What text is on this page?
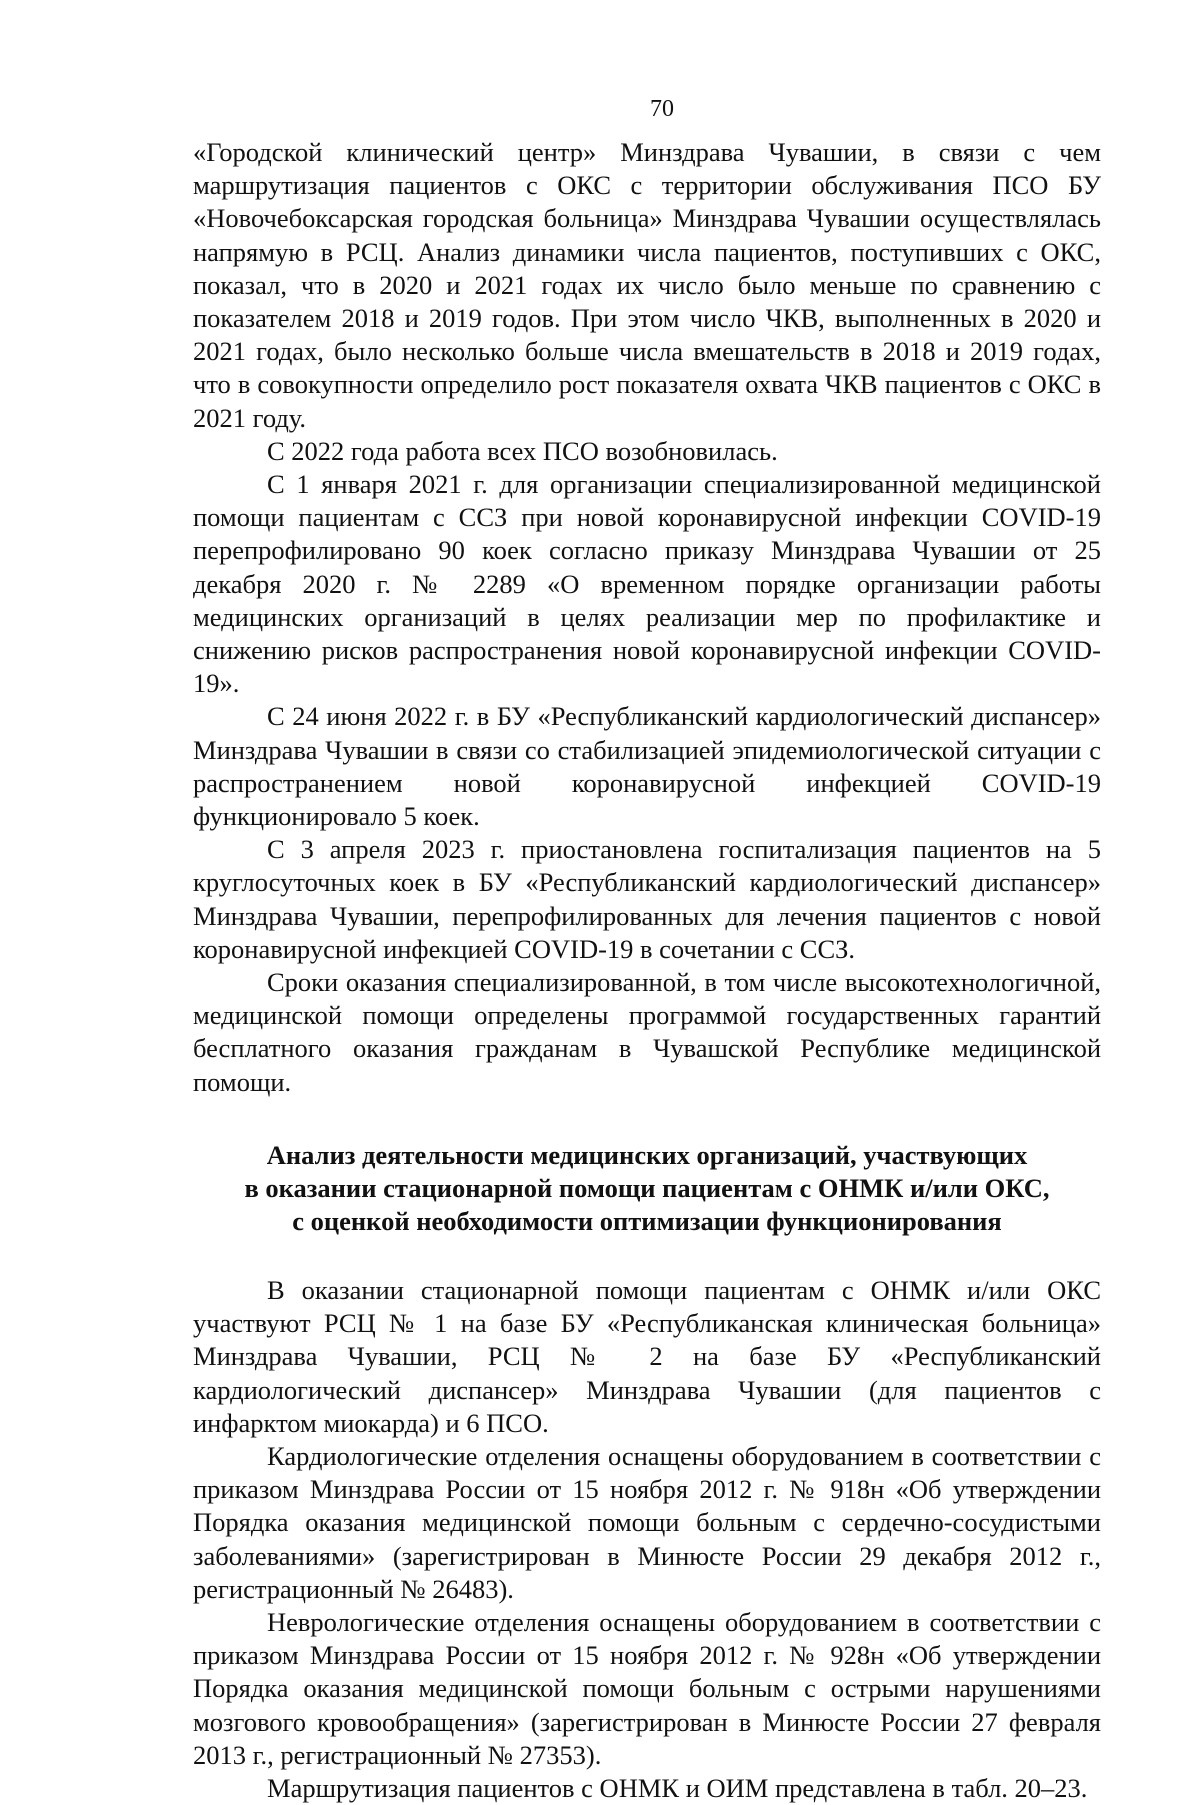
70

«Городской клинический центр» Минздрава Чувашии, в связи с чем маршрутизация пациентов с ОКС с территории обслуживания ПСО БУ «Новочебоксарская городская больница» Минздрава Чувашии осуществлялась напрямую в РСЦ. Анализ динамики числа пациентов, поступивших с ОКС, показал, что в 2020 и 2021 годах их число было меньше по сравнению с показателем 2018 и 2019 годов. При этом число ЧКВ, выполненных в 2020 и 2021 годах, было несколько больше числа вмешательств в 2018 и 2019 годах, что в совокупности определило рост показателя охвата ЧКВ пациентов с ОКС в 2021 году.

С 2022 года работа всех ПСО возобновилась.

С 1 января 2021 г. для организации специализированной медицинской помощи пациентам с ССЗ при новой коронавирусной инфекции COVID-19 перепрофилировано 90 коек согласно приказу Минздрава Чувашии от 25 декабря 2020 г. № 2289 «О временном порядке организации работы медицинских организаций в целях реализации мер по профилактике и снижению рисков распространения новой коронавирусной инфекции COVID-19».

С 24 июня 2022 г. в БУ «Республиканский кардиологический диспансер» Минздрава Чувашии в связи со стабилизацией эпидемиологической ситуации с распространением новой коронавирусной инфекцией COVID-19 функционировало 5 коек.

С 3 апреля 2023 г. приостановлена госпитализация пациентов на 5 круглосуточных коек в БУ «Республиканский кардиологический диспансер» Минздрава Чувашии, перепрофилированных для лечения пациентов с новой коронавирусной инфекцией COVID-19 в сочетании с ССЗ.

Сроки оказания специализированной, в том числе высокотехнологичной, медицинской помощи определены программой государственных гарантий бесплатного оказания гражданам в Чувашской Республике медицинской помощи.

Анализ деятельности медицинских организаций, участвующих
в оказании стационарной помощи пациентам с ОНМК и/или ОКС,
с оценкой необходимости оптимизации функционирования

В оказании стационарной помощи пациентам с ОНМК и/или ОКС участвуют РСЦ № 1 на базе БУ «Республиканская клиническая больница» Минздрава Чувашии, РСЦ № 2 на базе БУ «Республиканский кардиологический диспансер» Минздрава Чувашии (для пациентов с инфарктом миокарда) и 6 ПСО.

Кардиологические отделения оснащены оборудованием в соответствии с приказом Минздрава России от 15 ноября 2012 г. № 918н «Об утверждении Порядка оказания медицинской помощи больным с сердечно-сосудистыми заболеваниями» (зарегистрирован в Минюсте России 29 декабря 2012 г., регистрационный № 26483).

Неврологические отделения оснащены оборудованием в соответствии с приказом Минздрава России от 15 ноября 2012 г. № 928н «Об утверждении Порядка оказания медицинской помощи больным с острыми нарушениями мозгового кровообращения» (зарегистрирован в Минюсте России 27 февраля 2013 г., регистрационный № 27353).

Маршрутизация пациентов с ОНМК и ОИМ представлена в табл. 20–23.
